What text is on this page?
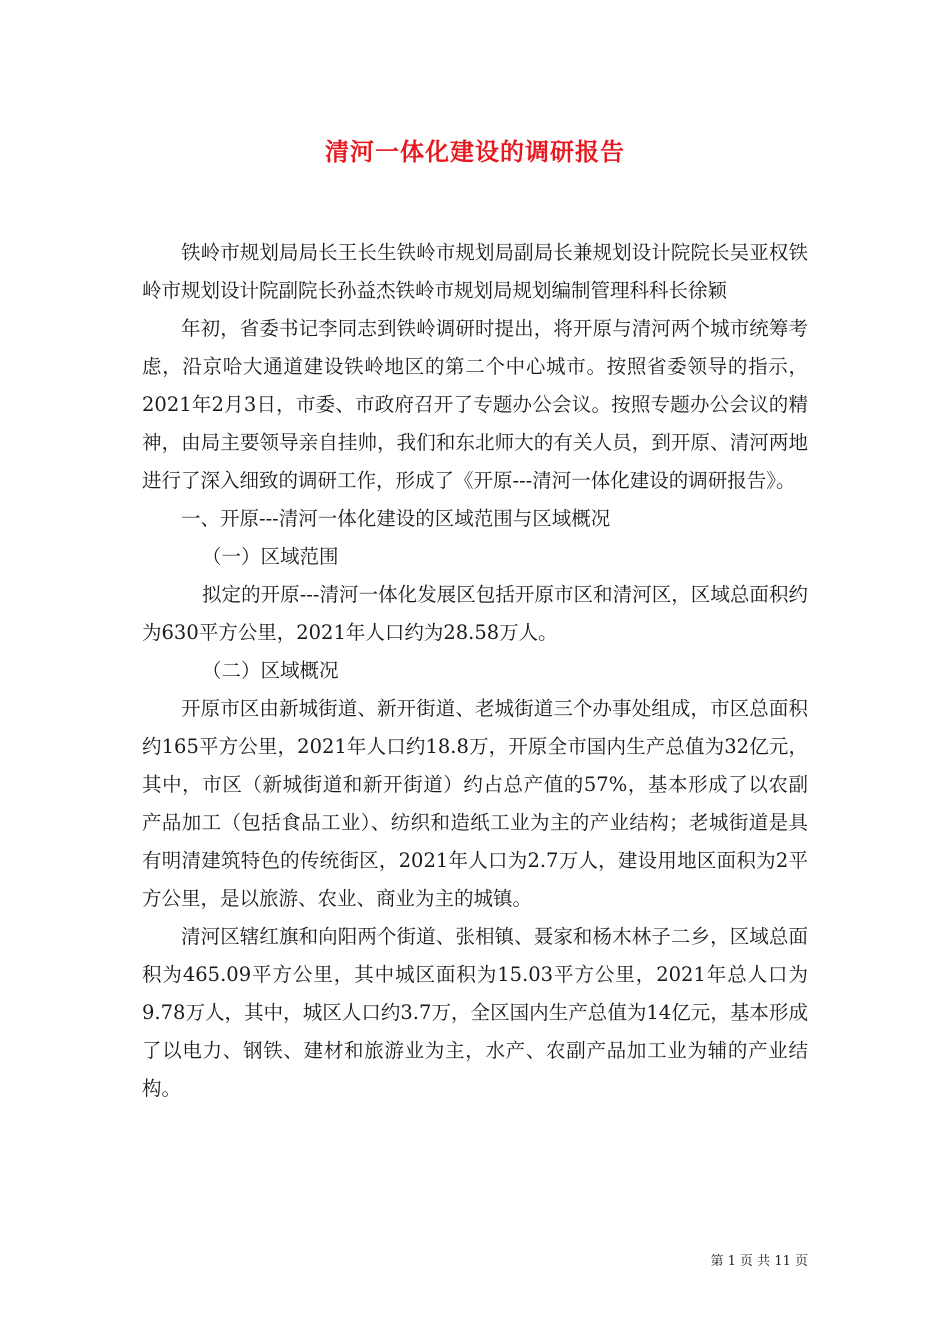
清河一体化建设的调研报告

铁岭市规划局局长王长生铁岭市规划局副局长兼规划设计院院长吴亚权铁岭市规划设计院副院长孙益杰铁岭市规划局规划编制管理科科长徐颖

年初，省委书记李同志到铁岭调研时提出，将开原与清河两个城市统筹考虑，沿京哈大通道建设铁岭地区的第二个中心城市。按照省委领导的指示，2021年2月3日，市委、市政府召开了专题办公会议。按照专题办公会议的精神，由局主要领导亲自挂帅，我们和东北师大的有关人员，到开原、清河两地进行了深入细致的调研工作，形成了《开原---清河一体化建设的调研报告》。

一、开原---清河一体化建设的区域范围与区域概况

（一）区域范围

拟定的开原---清河一体化发展区包括开原市区和清河区，区域总面积约为630平方公里，2021年人口约为28.58万人。

（二）区域概况

开原市区由新城街道、新开街道、老城街道三个办事处组成，市区总面积约165平方公里，2021年人口约18.8万，开原全市国内生产总值为32亿元，其中，市区（新城街道和新开街道）约占总产值的57%，基本形成了以农副产品加工（包括食品工业）、纺织和造纸工业为主的产业结构；老城街道是具有明清建筑特色的传统街区，2021年人口为2.7万人，建设用地区面积为2平方公里，是以旅游、农业、商业为主的城镇。

清河区辖红旗和向阳两个街道、张相镇、聂家和杨木林子二乡，区域总面积为465.09平方公里，其中城区面积为15.03平方公里，2021年总人口为9.78万人，其中，城区人口约3.7万，全区国内生产总值为14亿元，基本形成了以电力、钢铁、建材和旅游业为主，水产、农副产品加工业为辅的产业结构。

第 1 页 共 11 页
